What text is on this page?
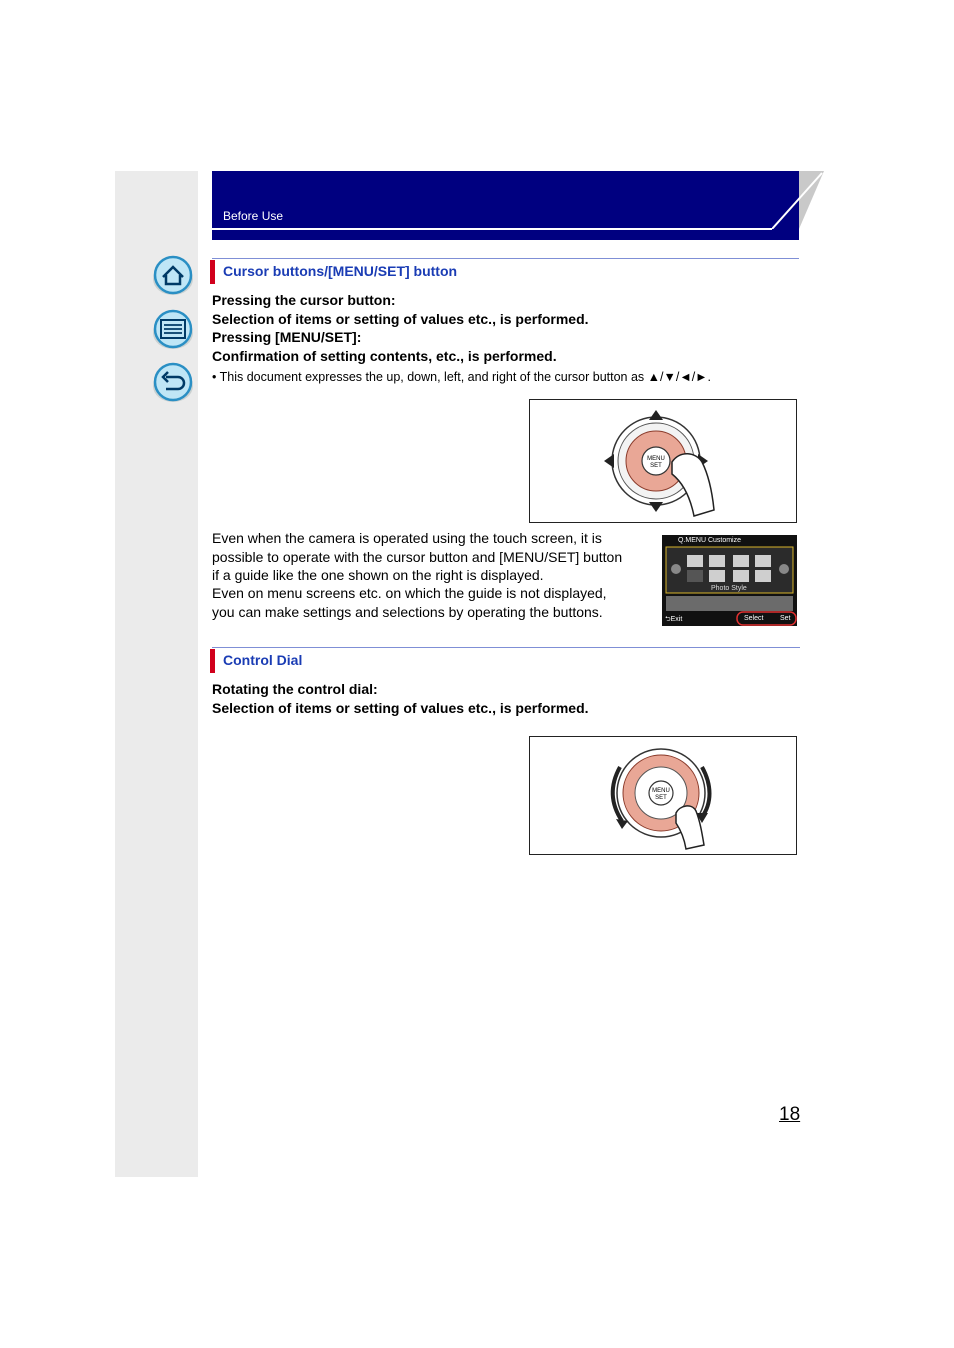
Before Use
Cursor buttons/[MENU/SET] button
Pressing the cursor button:
Selection of items or setting of values etc., is performed.
Pressing [MENU/SET]:
Confirmation of setting contents, etc., is performed.
• This document expresses the up, down, left, and right of the cursor button as ▲/▼/◄/►.
MENU
SET
Even when the camera is operated using the touch screen, it is
possible to operate with the cursor button and [MENU/SET] button
if a guide like the one shown on the right is displayed.
Even on menu screens etc. on which the guide is not displayed,
you can make settings and selections by operating the buttons.
Q.MENU Customize
Photo Style
⮌Exit	Select Set
Control Dial
Rotating the control dial:
Selection of items or setting of values etc., is performed.
MENU
SET
18
